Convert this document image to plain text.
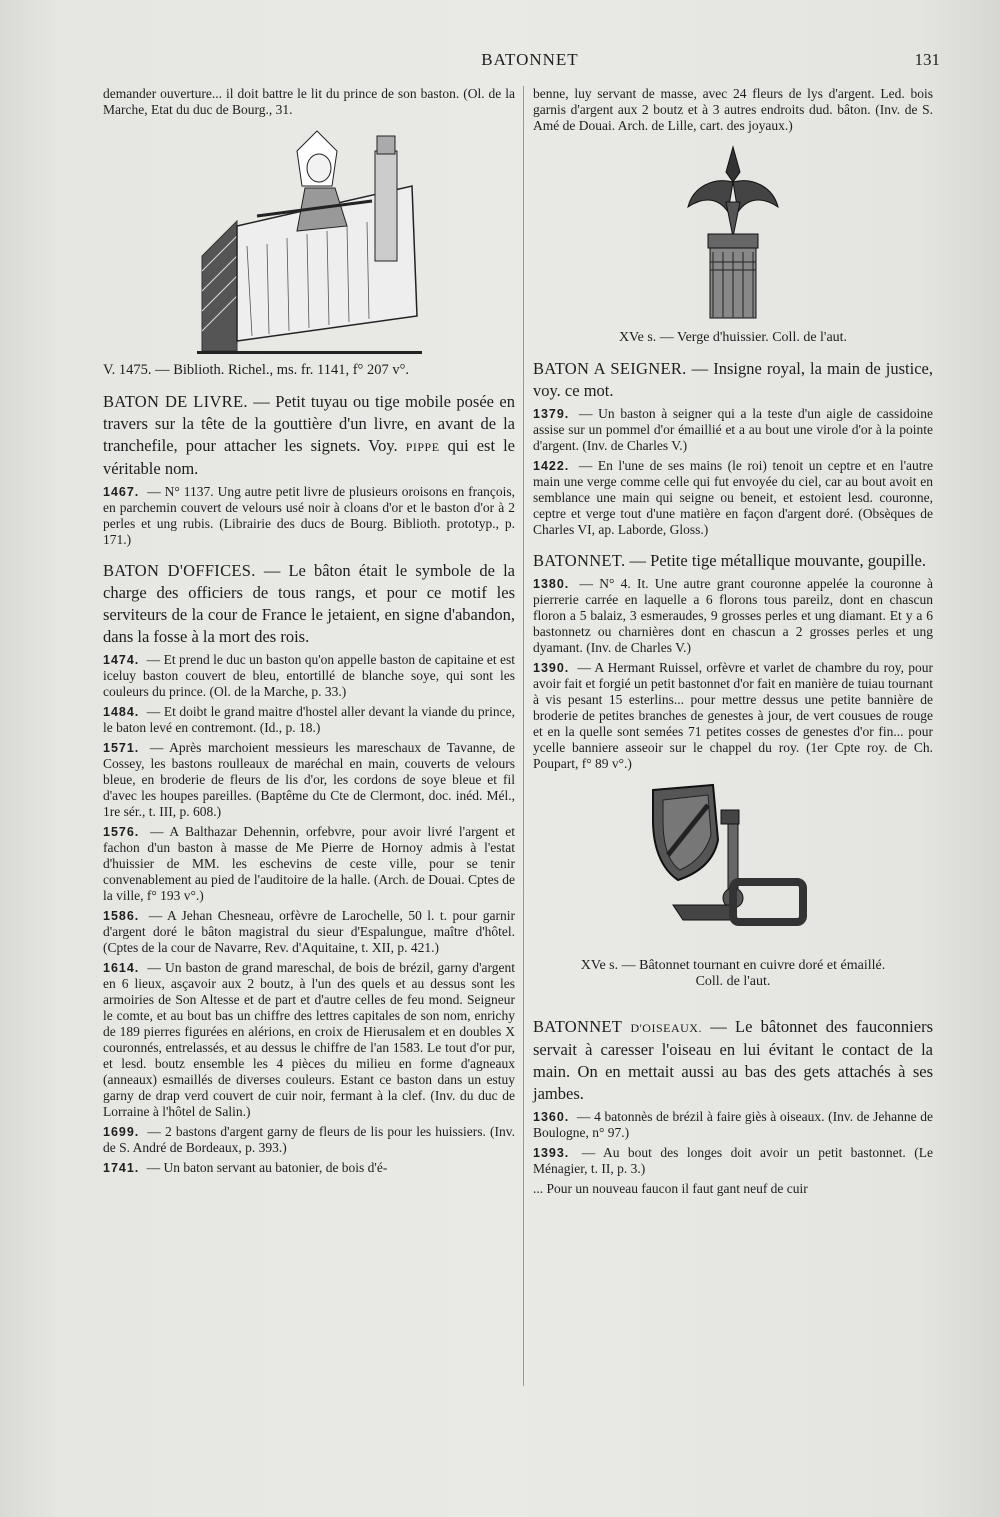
BATONNET	131

demander ouverture... il doit battre le lit du prince de son baston. (Ol. de la Marche, Etat du duc de Bourg., 31.

V. 1475. — Biblioth. Richel., ms. fr. 1141, f° 207 v°.

BATON DE LIVRE. — Petit tuyau ou tige mobile posée en travers sur la tête de la gouttière d'un livre, en avant de la tranchefile, pour attacher les signets. Voy. PIPPE qui est le véritable nom.

1467. — N° 1137. Ung autre petit livre de plusieurs oroisons en françois, en parchemin couvert de velours usé noir à cloans d'or et le baston d'or à 2 perles et ung rubis. (Librairie des ducs de Bourg. Biblioth. prototyp., p. 171.)

BATON D'OFFICES. — Le bâton était le symbole de la charge des officiers de tous rangs, et pour ce motif les serviteurs de la cour de France le jetaient, en signe d'abandon, dans la fosse à la mort des rois.

1474. — Et prend le duc un baston qu'on appelle baston de capitaine et est iceluy baston couvert de bleu, entortillé de blanche soye, qui sont les couleurs du prince. (Ol. de la Marche, p. 33.)

1484. — Et doibt le grand maitre d'hostel aller devant la viande du prince, le baton levé en contremont. (Id., p. 18.)

1571. — Après marchoient messieurs les mareschaux de Tavanne, de Cossey, les bastons roulleaux de maréchal en main, couverts de velours bleue, en broderie de fleurs de lis d'or, les cordons de soye bleue et fil d'avec les houpes pareilles. (Baptême du Cte de Clermont, doc. inéd. Mél., 1re sér., t. III, p. 608.)

1576. — A Balthazar Dehennin, orfebvre, pour avoir livré l'argent et fachon d'un baston à masse de Me Pierre de Hornoy admis à l'estat d'huissier de MM. les eschevins de ceste ville, pour se tenir convenablement au pied de l'auditoire de la halle. (Arch. de Douai. Cptes de la ville, f° 193 v°.)

1586. — A Jehan Chesneau, orfèvre de Larochelle, 50 l. t. pour garnir d'argent doré le bâton magistral du sieur d'Espalungue, maître d'hôtel. (Cptes de la cour de Navarre, Rev. d'Aquitaine, t. XII, p. 421.)

1614. — Un baston de grand mareschal, de bois de brézil, garny d'argent en 6 lieux, asçavoir aux 2 boutz, à l'un des quels et au dessus sont les armoiries de Son Altesse et de part et d'autre celles de feu mond. Seigneur le comte, et au bout bas un chiffre des lettres capitales de son nom, enrichy de 189 pierres figurées en alérions, en croix de Hierusalem et en doubles X couronnés, entrelassés, et au dessus le chiffre de l'an 1583. Le tout d'or pur, et lesd. boutz ensemble les 4 pièces du milieu en forme d'agneaux (anneaux) esmaillés de diverses couleurs. Estant ce baston dans un estuy garny de drap verd couvert de cuir noir, fermant à la clef. (Inv. du duc de Lorraine à l'hôtel de Salin.)

1699. — 2 bastons d'argent garny de fleurs de lis pour les huissiers. (Inv. de S. André de Bordeaux, p. 393.)

1741. — Un baton servant au batonier, de bois d'é-

benne, luy servant de masse, avec 24 fleurs de lys d'argent. Led. bois garnis d'argent aux 2 boutz et à 3 autres endroits dud. bâton. (Inv. de S. Amé de Douai. Arch. de Lille, cart. des joyaux.)

XVe s. — Verge d'huissier. Coll. de l'aut.

BATON A SEIGNER. — Insigne royal, la main de justice, voy. ce mot.

1379. — Un baston à seigner qui a la teste d'un aigle de cassidoine assise sur un pommel d'or émaillié et a au bout une virole d'or à la pointe d'argent. (Inv. de Charles V.)

1422. — En l'une de ses mains (le roi) tenoit un ceptre et en l'autre main une verge comme celle qui fut envoyée du ciel, car au bout avoit en semblance une main qui seigne ou beneit, et estoient lesd. couronne, ceptre et verge tout d'une matière en façon d'argent doré. (Obsèques de Charles VI, ap. Laborde, Gloss.)

BATONNET. — Petite tige métallique mouvante, goupille.

1380. — N° 4. It. Une autre grant couronne appelée la couronne à pierrerie carrée en laquelle a 6 florons tous pareilz, dont en chascun floron a 5 balaiz, 3 esmeraudes, 9 grosses perles et ung diamant. Et y a 6 bastonnetz ou charnières dont en chascun a 2 grosses perles et ung dyamant. (Inv. de Charles V.)

1390. — A Hermant Ruissel, orfèvre et varlet de chambre du roy, pour avoir fait et forgié un petit bastonnet d'or fait en manière de tuiau tournant à vis pesant 15 esterlins... pour mettre dessus une petite bannière de broderie de petites branches de genestes à jour, de vert cousues de rouge et en la quelle sont semées 71 petites cosses de genestes d'or fin... pour ycelle banniere asseoir sur le chappel du roy. (1er Cpte roy. de Ch. Poupart, f° 89 v°.)

XVe s. — Bâtonnet tournant en cuivre doré et émaillé.

Coll. de l'aut.

BATONNET D'OISEAUX. — Le bâtonnet des fauconniers servait à caresser l'oiseau en lui évitant le contact de la main. On en mettait aussi au bas des gets attachés à ses jambes.

1360. — 4 batonnès de brézil à faire giès à oiseaux. (Inv. de Jehanne de Boulogne, n° 97.)

1393. — Au bout des longes doit avoir un petit bastonnet. (Le Ménagier, t. II, p. 3.)

... Pour un nouveau faucon il faut gant neuf de cuir
